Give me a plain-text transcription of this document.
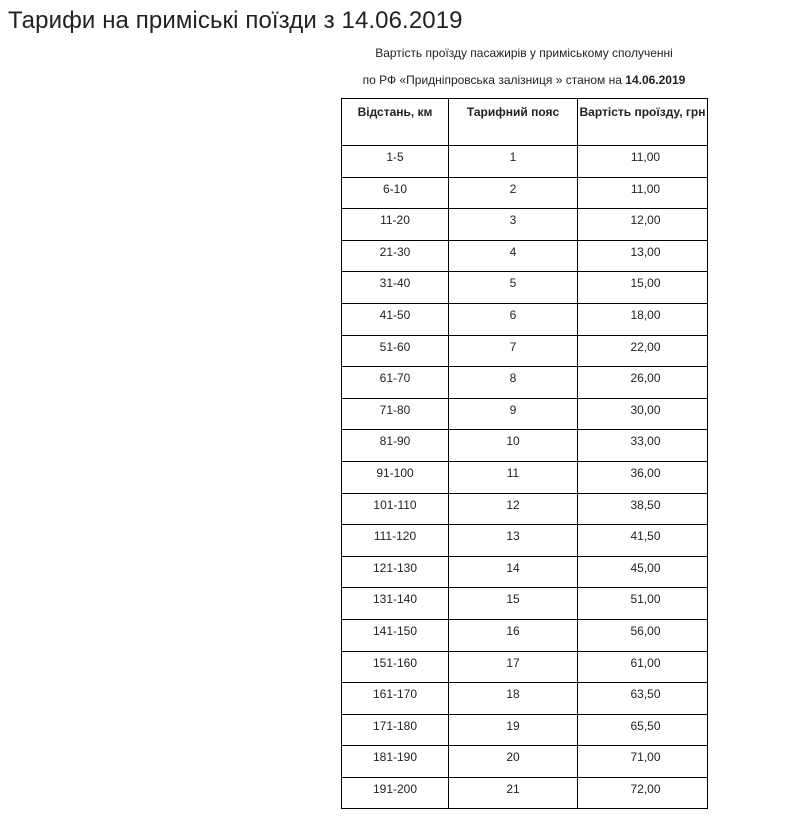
Тарифи на приміські поїзди з 14.06.2019

Вартість проїзду пасажирів у приміському сполученні

по РФ «Придніпровська залізниця » станом на 14.06.2019

Відстань, км	Тарифний пояс	Вартість проїзду, грн
1-5	1	11,00
6-10	2	11,00
11-20	3	12,00
21-30	4	13,00
31-40	5	15,00
41-50	6	18,00
51-60	7	22,00
61-70	8	26,00
71-80	9	30,00
81-90	10	33,00
91-100	11	36,00
101-110	12	38,50
111-120	13	41,50
121-130	14	45,00
131-140	15	51,00
141-150	16	56,00
151-160	17	61,00
161-170	18	63,50
171-180	19	65,50
181-190	20	71,00
191-200	21	72,00
